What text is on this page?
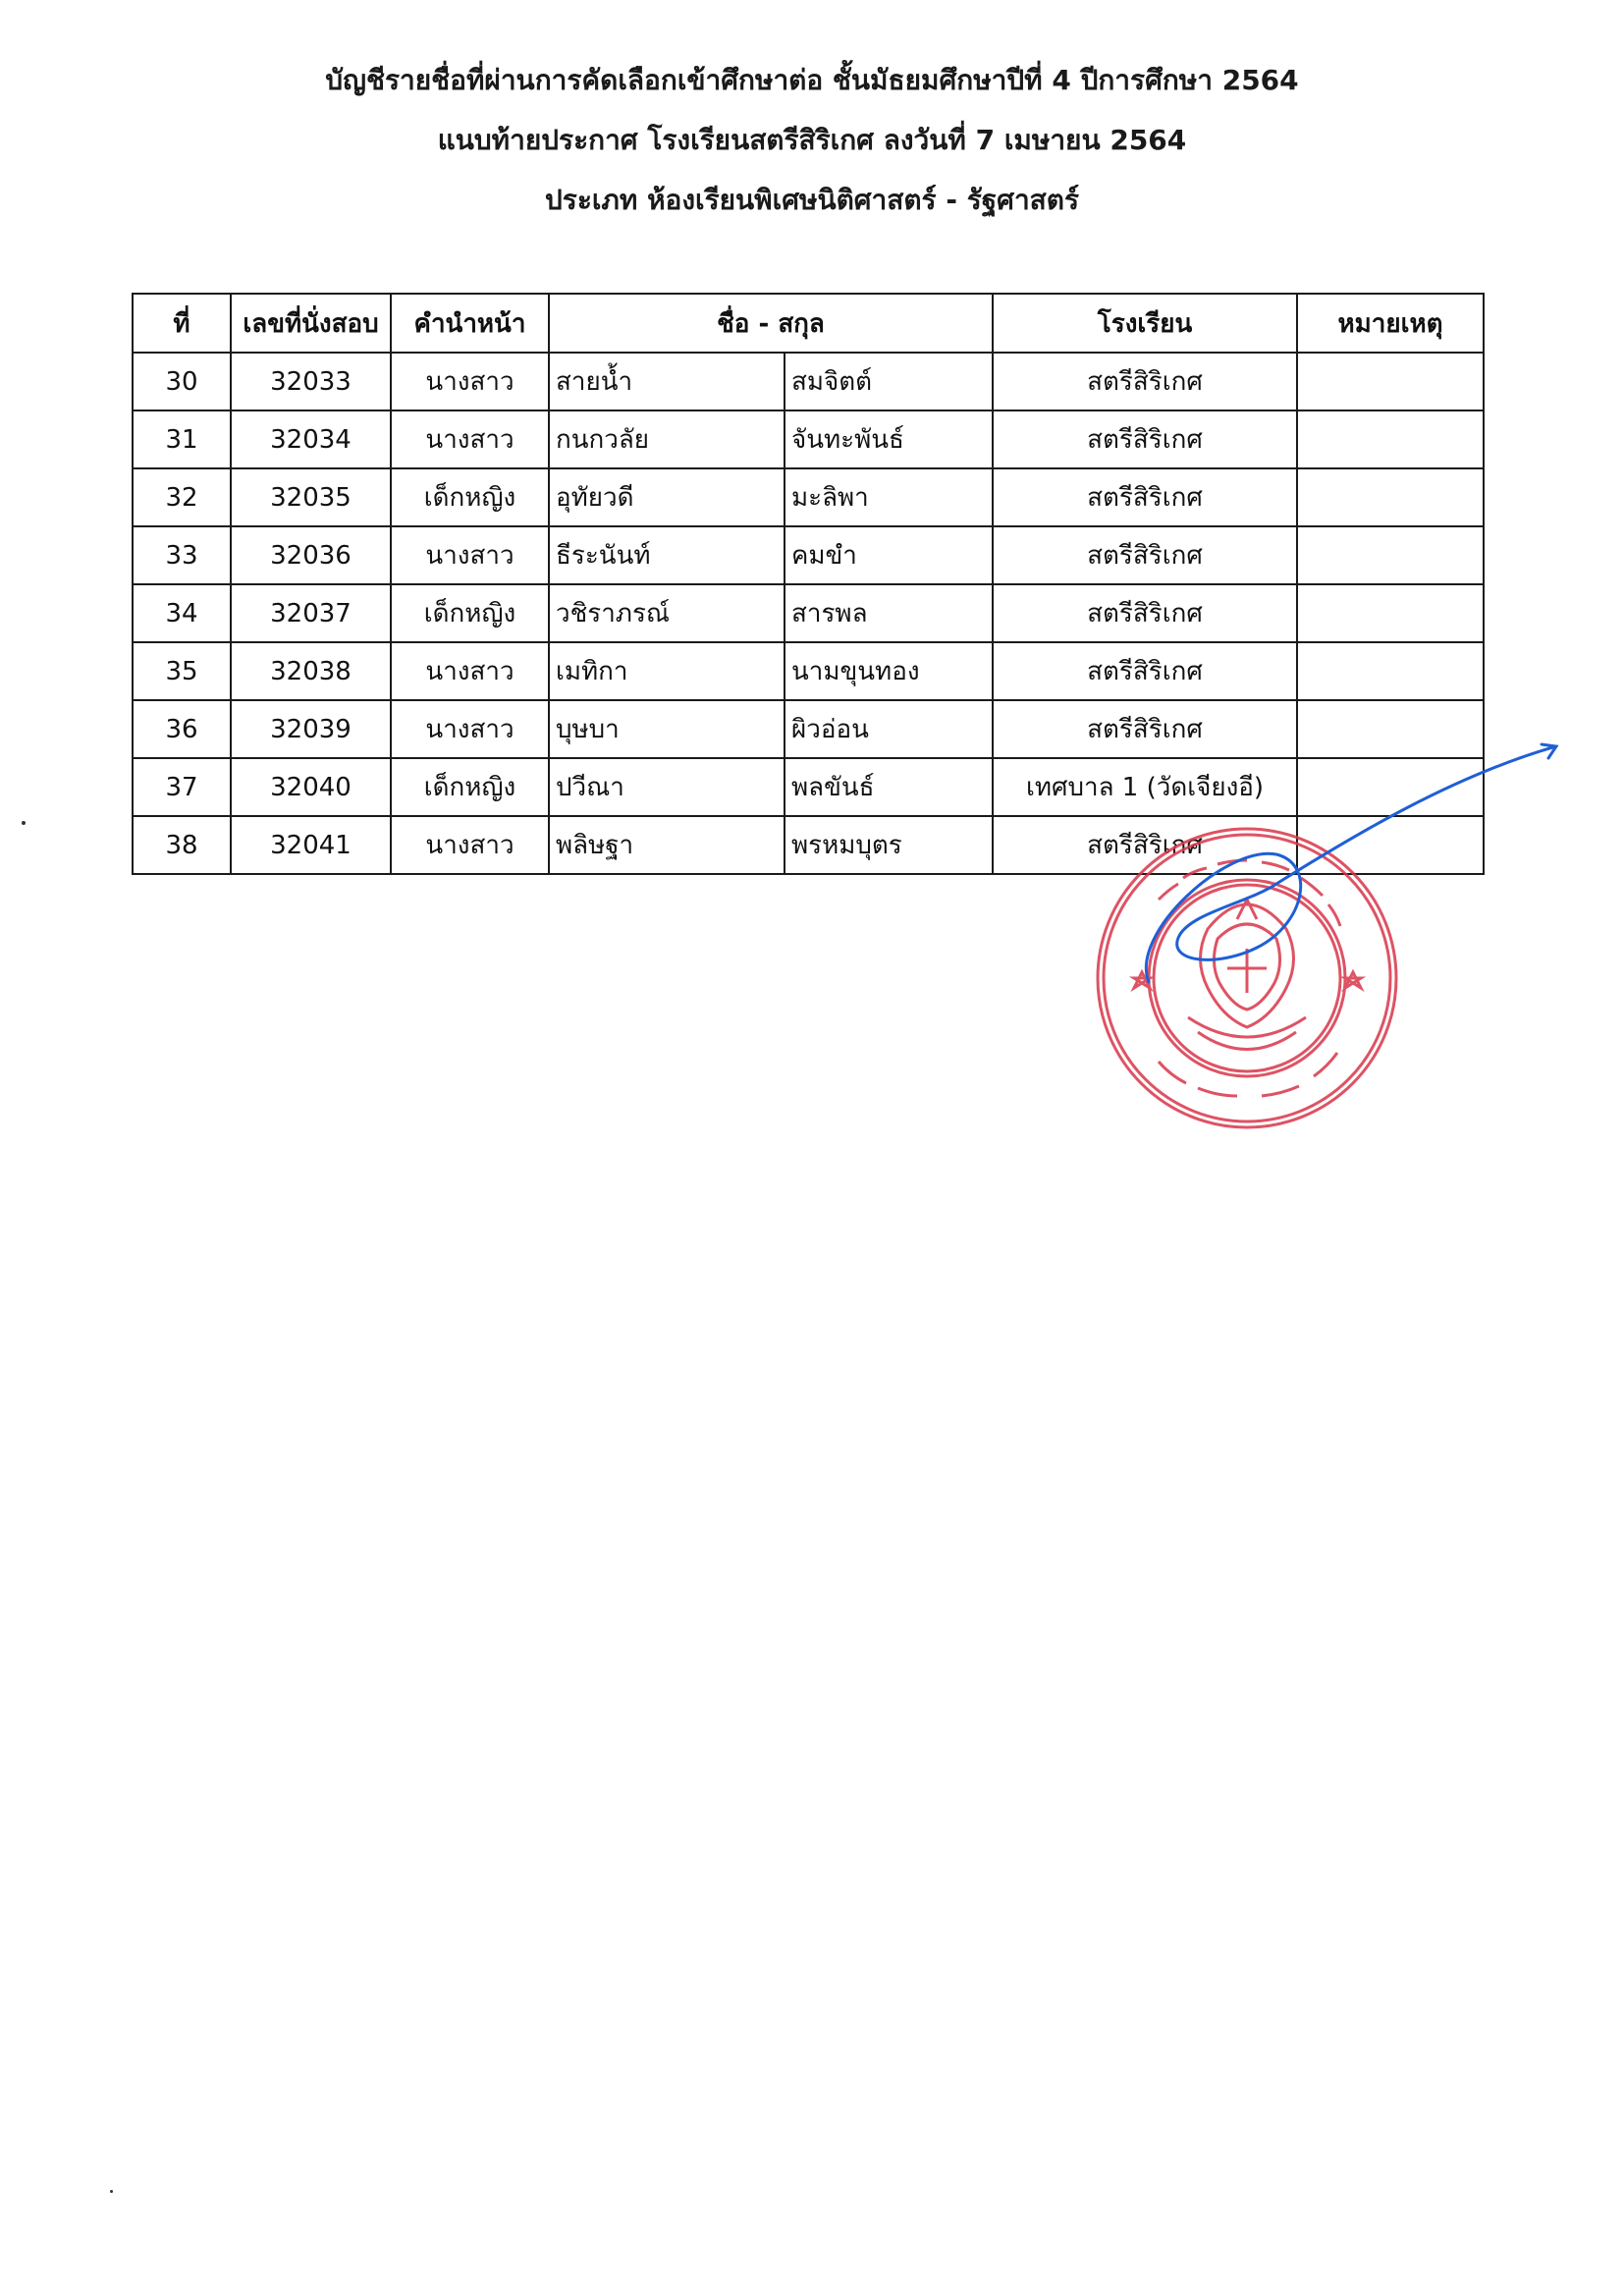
บัญชีรายชื่อที่ผ่านการคัดเลือกเข้าศึกษาต่อ ชั้นมัธยมศึกษาปีที่ 4 ปีการศึกษา 2564
แนบท้ายประกาศ โรงเรียนสตรีสิริเกศ ลงวันที่ 7 เมษายน 2564
ประเภท ห้องเรียนพิเศษนิติศาสตร์ - รัฐศาสตร์
ที่	เลขที่นั่งสอบ	คำนำหน้า	ชื่อ - สกุล		โรงเรียน	หมายเหตุ
30	32033	นางสาว	สายน้ำ	สมจิตต์	สตรีสิริเกศ	
31	32034	นางสาว	กนกวลัย	จันทะพันธ์	สตรีสิริเกศ	
32	32035	เด็กหญิง	อุทัยวดี	มะลิพา	สตรีสิริเกศ	
33	32036	นางสาว	ธีระนันท์	คมขำ	สตรีสิริเกศ	
34	32037	เด็กหญิง	วชิราภรณ์	สารพล	สตรีสิริเกศ	
35	32038	นางสาว	เมทิกา	นามขุนทอง	สตรีสิริเกศ	
36	32039	นางสาว	บุษบา	ผิวอ่อน	สตรีสิริเกศ	
37	32040	เด็กหญิง	ปวีณา	พลขันธ์	เทศบาล 1 (วัดเจียงอี)	
38	32041	นางสาว	พลิษฐา	พรหมบุตร	สตรีสิริเกศ	
